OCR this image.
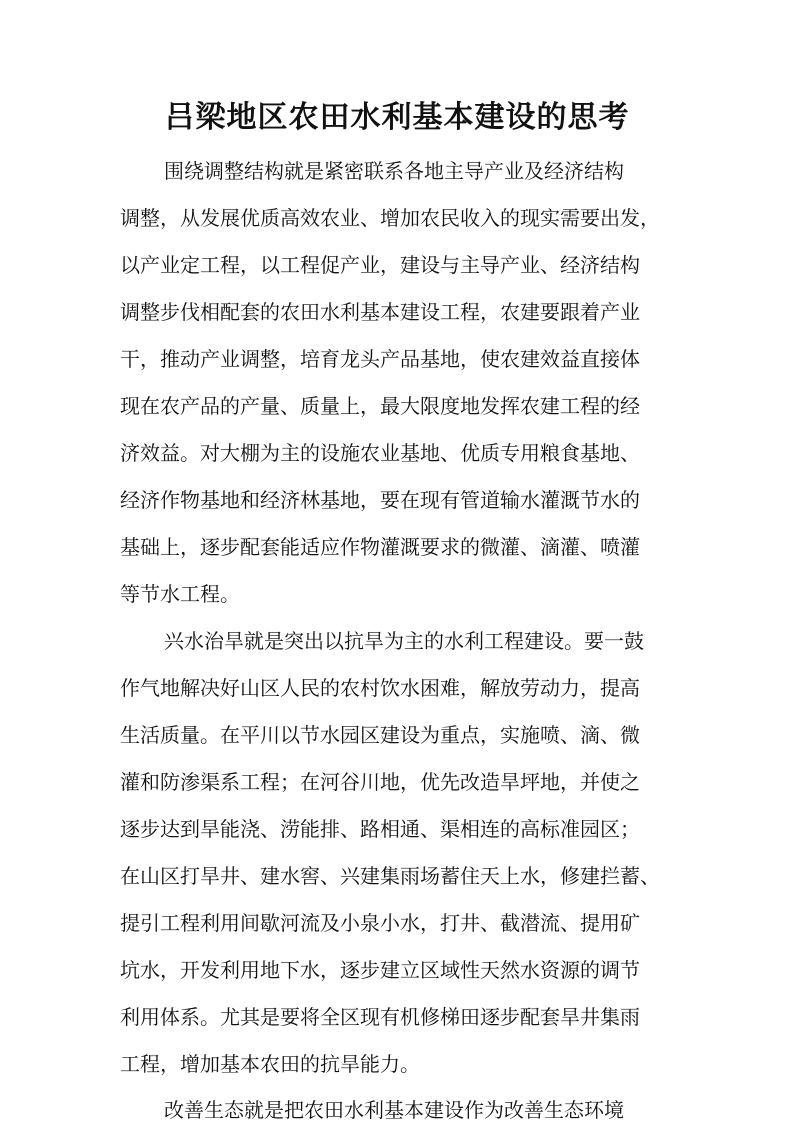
吕梁地区农田水利基本建设的思考
围绕调整结构就是紧密联系各地主导产业及经济结构
调整，从发展优质高效农业、增加农民收入的现实需要出发，
以产业定工程，以工程促产业，建设与主导产业、经济结构
调整步伐相配套的农田水利基本建设工程，农建要跟着产业
干，推动产业调整，培育龙头产品基地，使农建效益直接体
现在农产品的产量、质量上，最大限度地发挥农建工程的经
济效益。对大棚为主的设施农业基地、优质专用粮食基地、
经济作物基地和经济林基地，要在现有管道输水灌溉节水的
基础上，逐步配套能适应作物灌溉要求的微灌、滴灌、喷灌
等节水工程。
兴水治旱就是突出以抗旱为主的水利工程建设。要一鼓
作气地解决好山区人民的农村饮水困难，解放劳动力，提高
生活质量。在平川以节水园区建设为重点，实施喷、滴、微
灌和防渗渠系工程；在河谷川地，优先改造旱坪地，并使之
逐步达到旱能浇、涝能排、路相通、渠相连的高标准园区；
在山区打旱井、建水窖、兴建集雨场蓄住天上水，修建拦蓄、
提引工程利用间歇河流及小泉小水，打井、截潜流、提用矿
坑水，开发利用地下水，逐步建立区域性天然水资源的调节
利用体系。尤其是要将全区现有机修梯田逐步配套旱井集雨
工程，增加基本农田的抗旱能力。
改善生态就是把农田水利基本建设作为改善生态环境
